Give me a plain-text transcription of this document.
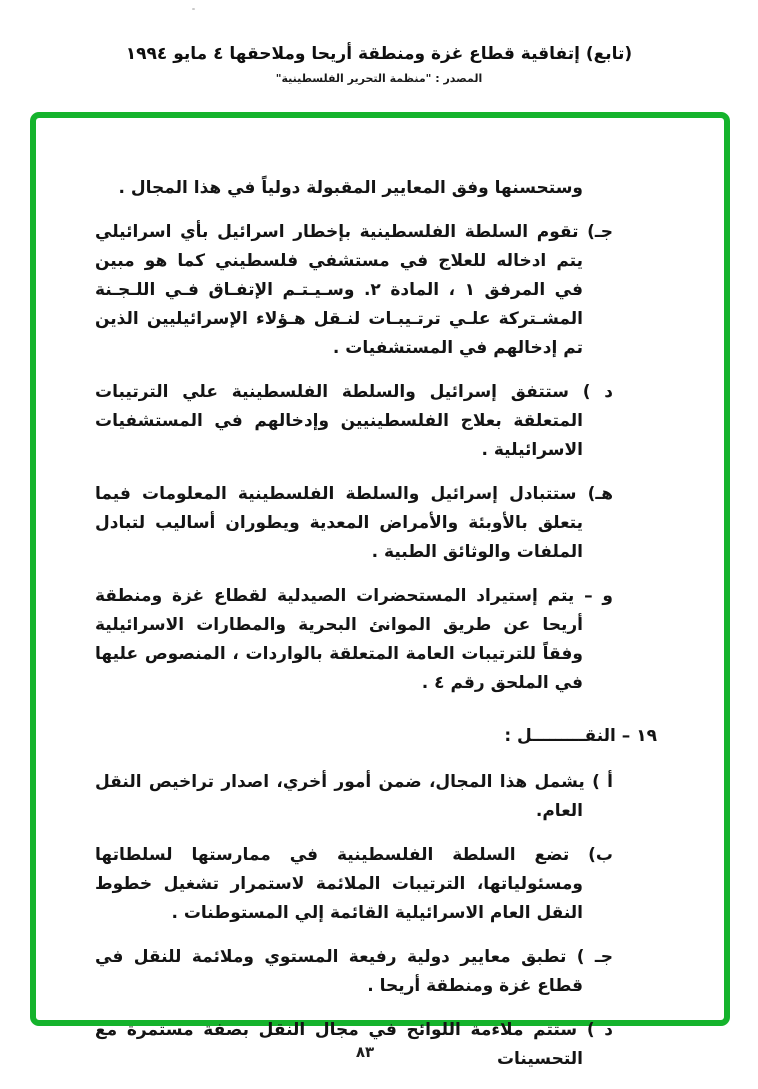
(تابع) إتفاقية قطاع غزة ومنطقة أريحا وملاحقها ٤ مايو ١٩٩٤
المصدر : "منظمة التحرير الفلسطينية"
وستحسنها وفق المعايير المقبولة دولياً في هذا المجال .
جـ) تقوم السلطة الفلسطينية بإخطار اسرائيل بأي اسرائيلي يتم ادخاله للعلاج في مستشفي فلسطيني كما هو مبين في المرفق ١ ، المادة ٢. وسـيـتـم الإتفـاق فـي اللـجـنة المشـتركة علـي ترتـيبـات لنـقل هـؤلاء الإسرائيليين الذين تم إدخالهم في المستشفيات .
د ) ستتفق إسرائيل والسلطة الفلسطينية علي الترتيبات المتعلقة بعلاج الفلسطينيين وإدخالهم في المستشفيات الاسرائيلية .
هـ) ستتبادل إسرائيل والسلطة الفلسطينية المعلومات فيما يتعلق بالأوبئة والأمراض المعدية ويطوران أساليب لتبادل الملفات والوثائق الطبية .
و – يتم إستيراد المستحضرات الصيدلية لقطاع غزة ومنطقة أريحا عن طريق الموانئ البحرية والمطارات الاسرائيلية وفقاً للترتيبات العامة المتعلقة بالواردات ، المنصوص عليها في الملحق رقم ٤ .
١٩ – النقـــــــــل :
أ ) يشمل هذا المجال، ضمن أمور أخري، اصدار تراخيص النقل العام.
ب) تضع السلطة الفلسطينية في ممارستها لسلطاتها ومسئولياتها، الترتيبات الملائمة لاستمرار تشغيل خطوط النقل العام الاسرائيلية القائمة إلي المستوطنات .
جـ ) تطبق معايير دولية رفيعة المستوي وملائمة للنقل في قطاع غزة ومنطقة أريحا .
د ) ستتم ملاءمة اللوائح في مجال النقل بصفة مستمرة مع التحسينات
٨٣
